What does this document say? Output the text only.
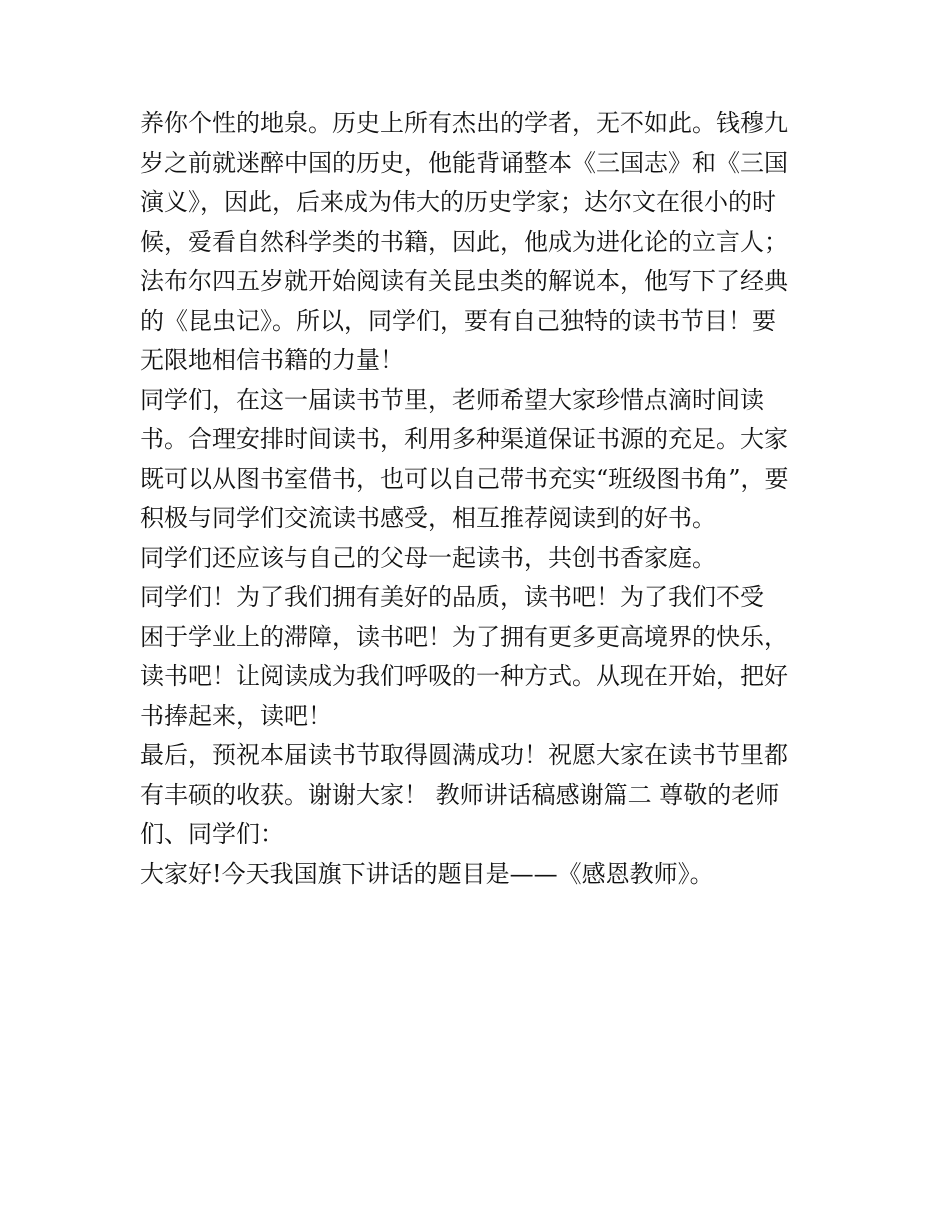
养你个性的地泉。历史上所有杰出的学者，无不如此。钱穆九
岁之前就迷醉中国的历史，他能背诵整本《三国志》和《三国
演义》，因此，后来成为伟大的历史学家；达尔文在很小的时
候，爱看自然科学类的书籍，因此，他成为进化论的立言人；
法布尔四五岁就开始阅读有关昆虫类的解说本，他写下了经典
的《昆虫记》。所以，同学们，要有自己独特的读书节目！要
无限地相信书籍的力量！
同学们，在这一届读书节里，老师希望大家珍惜点滴时间读
书。合理安排时间读书，利用多种渠道保证书源的充足。大家
既可以从图书室借书，也可以自己带书充实“班级图书角”，要
积极与同学们交流读书感受，相互推荐阅读到的好书。
同学们还应该与自己的父母一起读书，共创书香家庭。
同学们！为了我们拥有美好的品质，读书吧！为了我们不受
困于学业上的滞障，读书吧！为了拥有更多更高境界的快乐，
读书吧！让阅读成为我们呼吸的一种方式。从现在开始，把好
书捧起来，读吧！
最后，预祝本届读书节取得圆满成功！祝愿大家在读书节里都
有丰硕的收获。谢谢大家！ 教师讲话稿感谢篇二 尊敬的老师
们、同学们：
大家好!今天我国旗下讲话的题目是——《感恩教师》。
